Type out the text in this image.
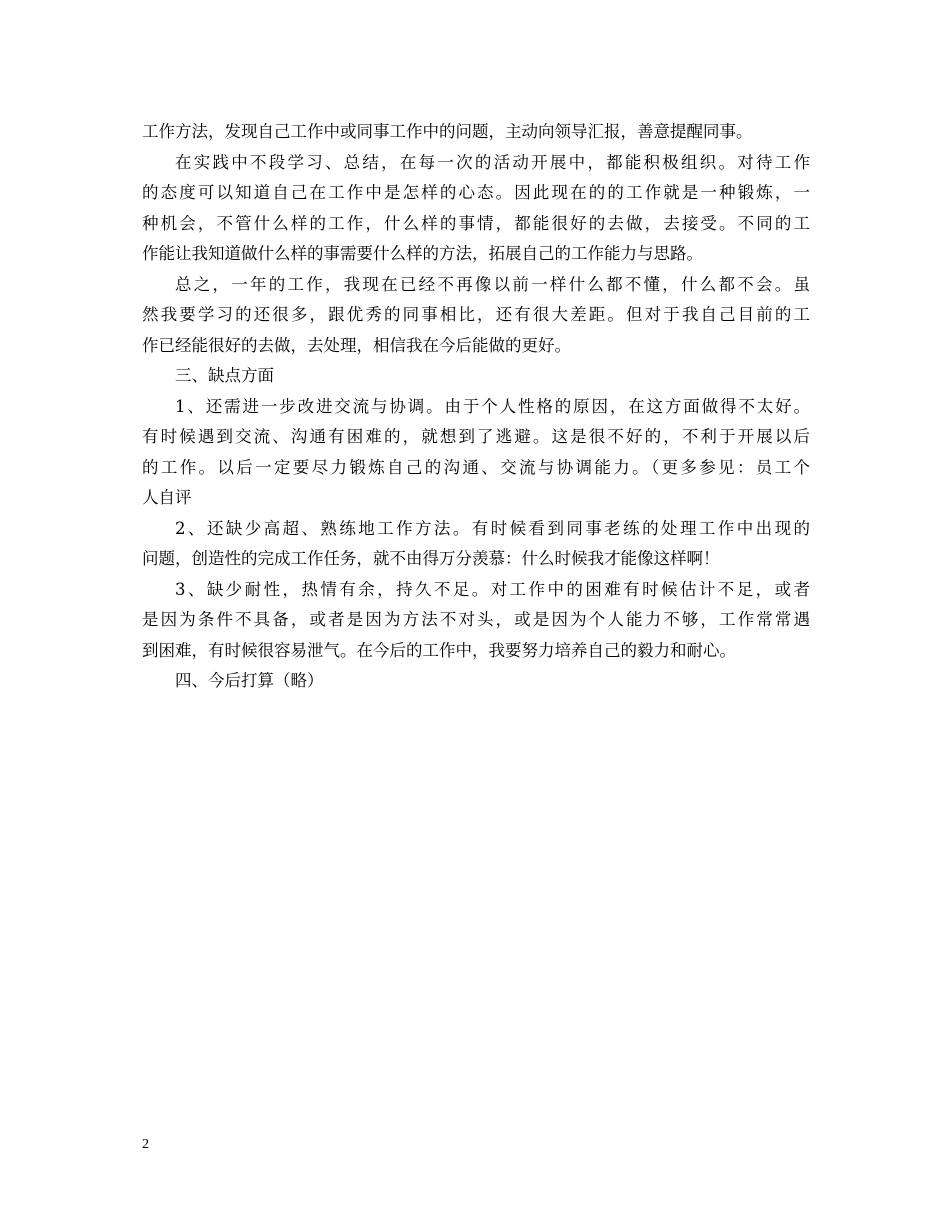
工作方法，发现自己工作中或同事工作中的问题，主动向领导汇报，善意提醒同事。
在实践中不段学习、总结，在每一次的活动开展中，都能积极组织。对待工作
的态度可以知道自己在工作中是怎样的心态。因此现在的的工作就是一种锻炼，一
种机会，不管什么样的工作，什么样的事情，都能很好的去做，去接受。不同的工
作能让我知道做什么样的事需要什么样的方法，拓展自己的工作能力与思路。
总之，一年的工作，我现在已经不再像以前一样什么都不懂，什么都不会。虽
然我要学习的还很多，跟优秀的同事相比，还有很大差距。但对于我自己目前的工
作已经能很好的去做，去处理，相信我在今后能做的更好。
三、缺点方面
1、还需进一步改进交流与协调。由于个人性格的原因，在这方面做得不太好。
有时候遇到交流、沟通有困难的，就想到了逃避。这是很不好的，不利于开展以后
的工作。以后一定要尽力锻炼自己的沟通、交流与协调能力。（更多参见：员工个
人自评
2、还缺少高超、熟练地工作方法。有时候看到同事老练的处理工作中出现的
问题，创造性的完成工作任务，就不由得万分羡慕：什么时候我才能像这样啊！
3、缺少耐性，热情有余，持久不足。对工作中的困难有时候估计不足，或者
是因为条件不具备，或者是因为方法不对头，或是因为个人能力不够，工作常常遇
到困难，有时候很容易泄气。在今后的工作中，我要努力培养自己的毅力和耐心。
四、今后打算（略）
2
